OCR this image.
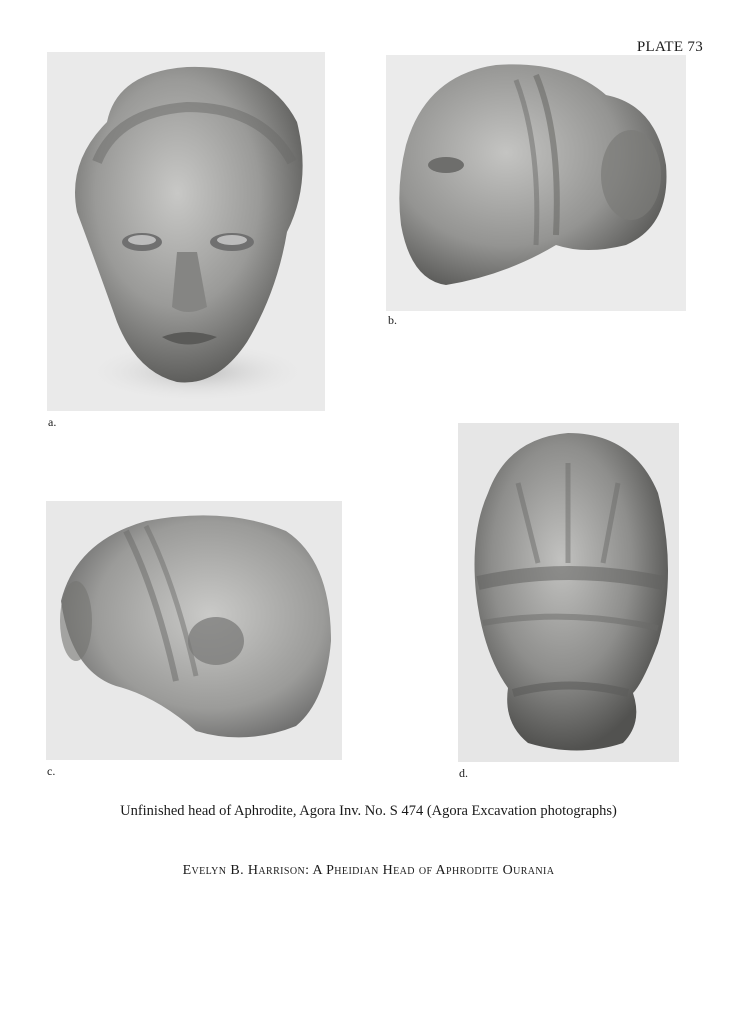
PLATE 73
a.
b.
c.	d.
Unfinished head of Aphrodite, Agora Inv. No. S 474 (Agora Excavation photographs)
Evelyn B. Harrison: A Pheidian Head of Aphrodite Ourania
